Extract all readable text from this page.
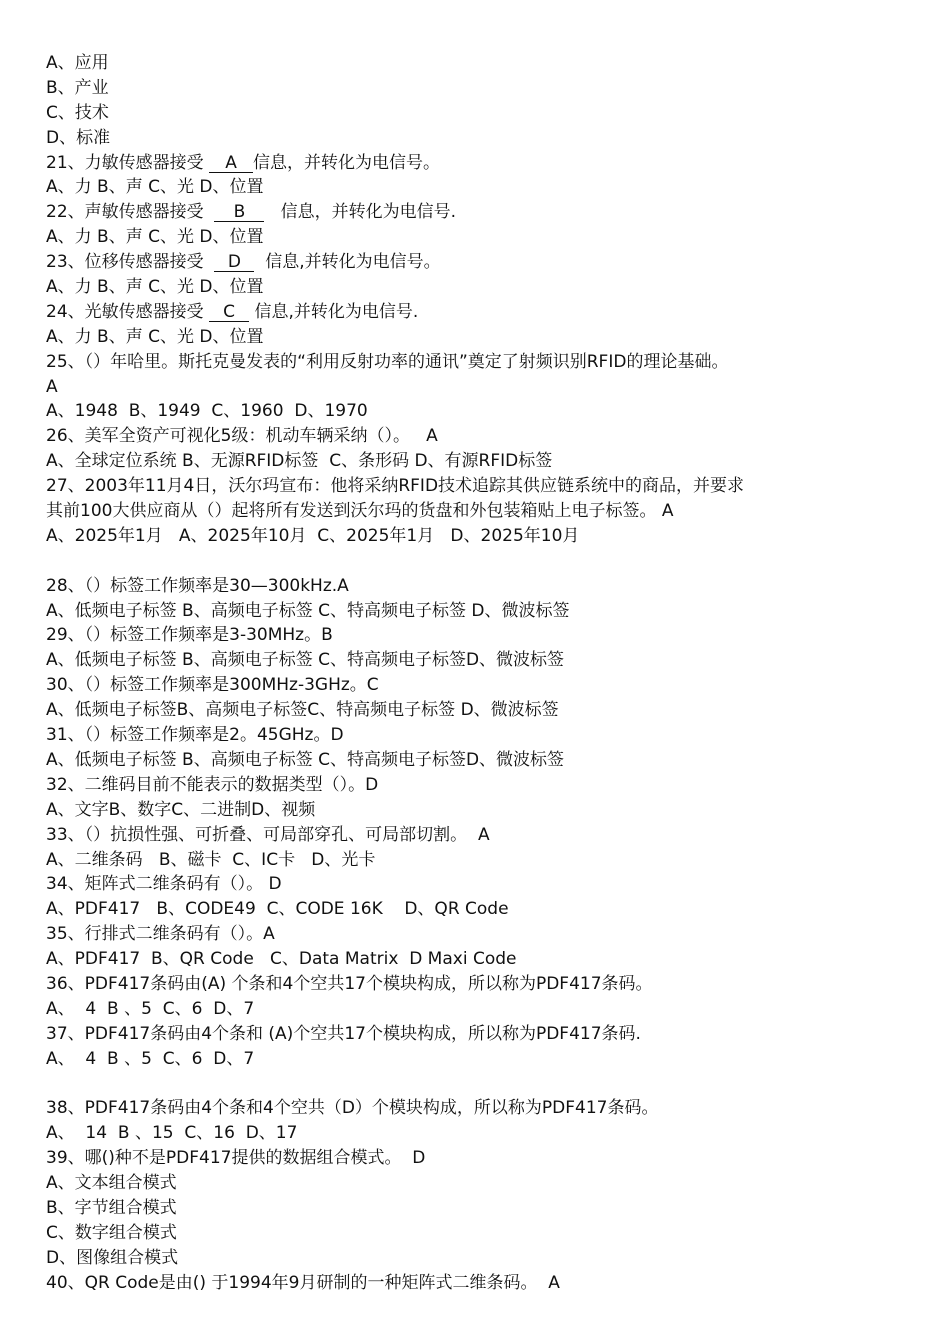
A、应用
B、产业
C、技术
D、标准
21、力敏传感器接受 A 信息，并转化为电信号。
A、力 B、声 C、光 D、位置
22、声敏传感器接受  B   信息，并转化为电信号.
A、力 B、声 C、光 D、位置
23、位移传感器接受  D  信息,并转化为电信号。
A、力 B、声 C、光 D、位置
24、光敏传感器接受 C 信息,并转化为电信号.
A、力 B、声 C、光 D、位置
25、（）年哈里。斯托克曼发表的“利用反射功率的通讯”奠定了射频识别RFID的理论基础。
A
A、1948  B、1949  C、1960  D、1970
26、美军全资产可视化5级：机动车辆采纳（）。   A
A、全球定位系统 B、无源RFID标签  C、条形码 D、有源RFID标签
27、2003年11月4日，沃尔玛宣布：他将采纳RFID技术追踪其供应链系统中的商品，并要求
其前100大供应商从（）起将所有发送到沃尔玛的货盘和外包装箱贴上电子标签。 A
A、2025年1月   A、2025年10月  C、2025年1月   D、2025年10月
28、（）标签工作频率是30—300kHz.A
A、低频电子标签 B、高频电子标签 C、特高频电子标签 D、微波标签
29、（）标签工作频率是3-30MHz。B
A、低频电子标签 B、高频电子标签 C、特高频电子标签D、微波标签
30、（）标签工作频率是300MHz-3GHz。C
A、低频电子标签B、高频电子标签C、特高频电子标签 D、微波标签
31、（）标签工作频率是2。45GHz。D
A、低频电子标签 B、高频电子标签 C、特高频电子标签D、微波标签
32、二维码目前不能表示的数据类型（）。D
A、文字B、数字C、二进制D、视频
33、（）抗损性强、可折叠、可局部穿孔、可局部切割。  A
A、二维条码   B、磁卡  C、IC卡   D、光卡
34、矩阵式二维条码有（）。 D
A、PDF417   B、CODE49  C、CODE 16K    D、QR Code
35、行排式二维条码有（）。A
A、PDF417  B、QR Code   C、Data Matrix  D Maxi Code
36、PDF417条码由(A) 个条和4个空共17个模块构成，所以称为PDF417条码。
A、  4  B 、5  C、6  D、7
37、PDF417条码由4个条和 (A)个空共17个模块构成，所以称为PDF417条码.
A、  4  B 、5  C、6  D、7
38、PDF417条码由4个条和4个空共（D）个模块构成，所以称为PDF417条码。
A、  14  B 、15  C、16  D、17
39、哪()种不是PDF417提供的数据组合模式。  D
A、文本组合模式
B、字节组合模式
C、数字组合模式
D、图像组合模式
40、QR Code是由() 于1994年9月研制的一种矩阵式二维条码。  A
